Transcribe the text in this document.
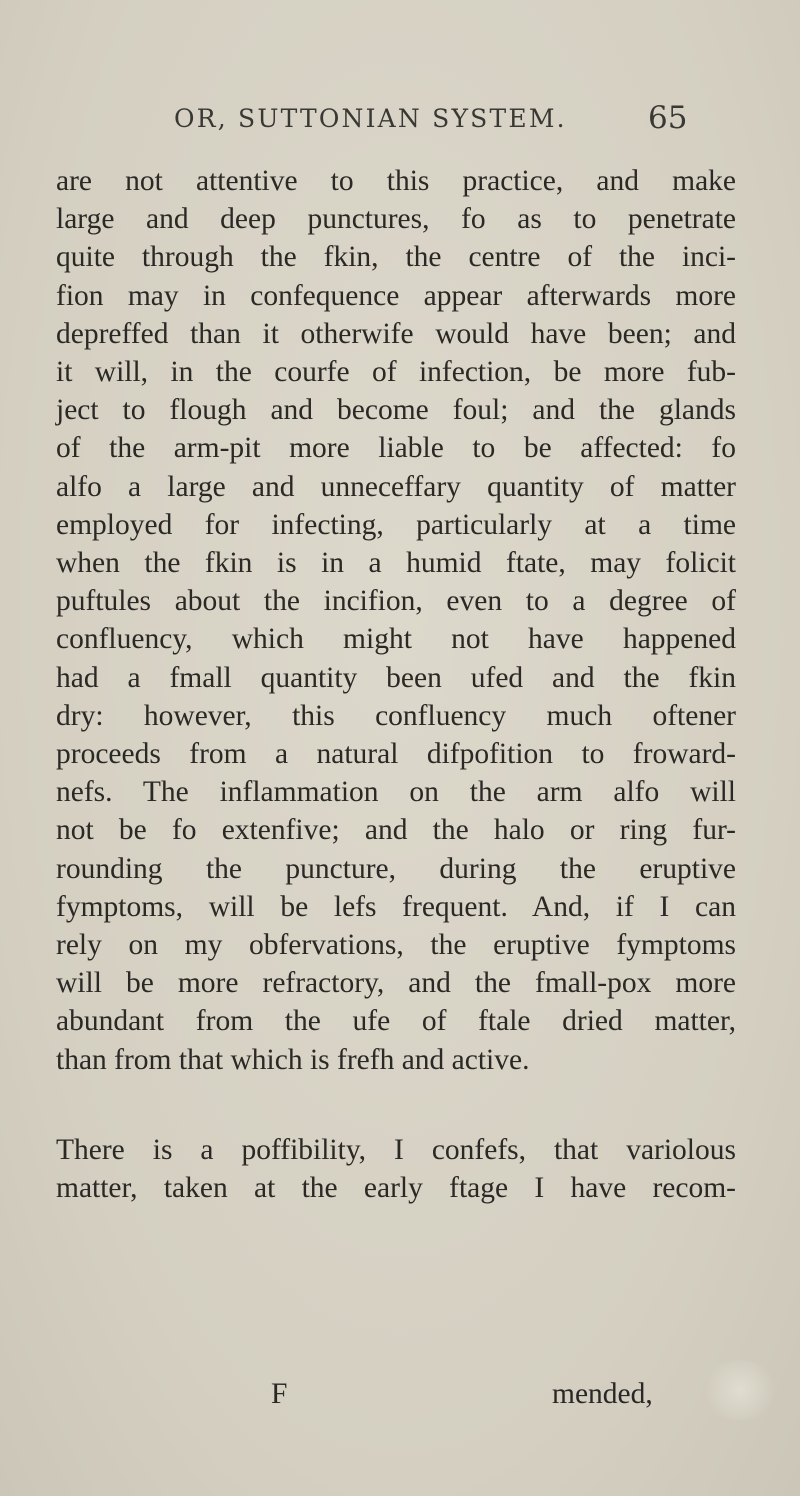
OR, SUTTONIAN SYSTEM.	65

are not attentive to this practice, and make
large and deep punctures, fo as to penetrate
quite through the fkin, the centre of the inci-
fion may in confequence appear afterwards more
depreffed than it otherwife would have been; and
it will, in the courfe of infection, be more fub-
ject to flough and become foul; and the glands
of the arm-pit more liable to be affected: fo
alfo a large and unneceffary quantity of matter
employed for infecting, particularly at a time
when the fkin is in a humid ftate, may folicit
puftules about the incifion, even to a degree of
confluency, which might not have happened
had a fmall quantity been ufed and the fkin
dry: however, this confluency much oftener
proceeds from a natural difpofition to froward-
nefs. The inflammation on the arm alfo will
not be fo extenfive; and the halo or ring fur-
rounding the puncture, during the eruptive
fymptoms, will be lefs frequent. And, if I can
rely on my obfervations, the eruptive fymptoms
will be more refractory, and the fmall-pox more
abundant from the ufe of ftale dried matter,
than from that which is frefh and active.

There is a poffibility, I confefs, that variolous
matter, taken at the early ftage I have recom-

F	mended,
